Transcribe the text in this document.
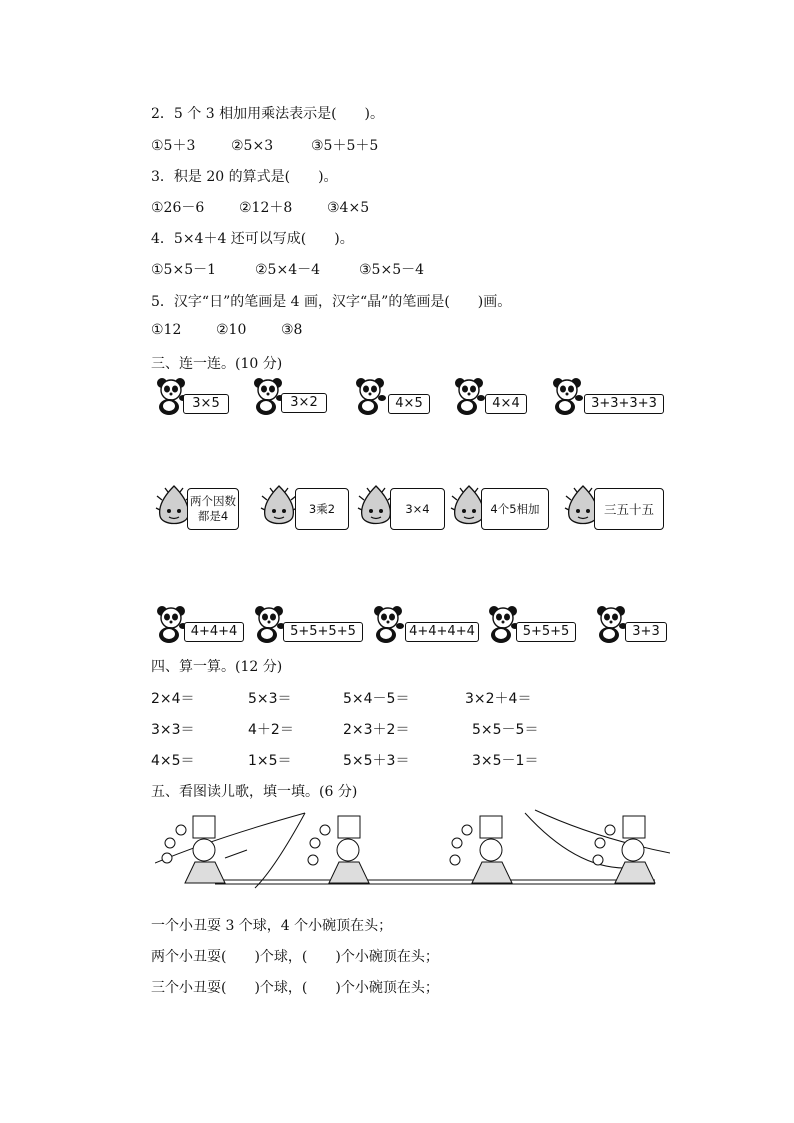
2．5 个 3 相加用乘法表示是(　　)。
①5＋3	②5×3	③5＋5＋5
3．积是 20 的算式是(　　)。
①26－6 ②12＋8 ③4×5
4．5×4＋4 还可以写成(　　)。
①5×5－1	②5×4－4	③5×5－4
5．汉字“日”的笔画是 4 画，汉字“晶”的笔画是(　　)画。
①12 ②10 ③8
三、连一连。(10 分)
3×5	3×2	4×5	4×4	3+3+3+3
两个因数都是4
3乘2	3×4	4个5相加	三五十五
4+4+4	5+5+5+5	4+4+4+4	5+5+5	3+3
四、算一算。(12 分)
2×4＝	5×3＝	5×4－5＝	3×2＋4＝
3×3＝	4＋2＝	2×3＋2＝	5×5－5＝
4×5＝	1×5＝	5×5＋3＝	3×5－1＝
五、看图读儿歌，填一填。(6 分)
一个小丑耍 3 个球，4 个小碗顶在头；
两个小丑耍(　　)个球，(　　)个小碗顶在头；
三个小丑耍(　　)个球，(　　)个小碗顶在头；
